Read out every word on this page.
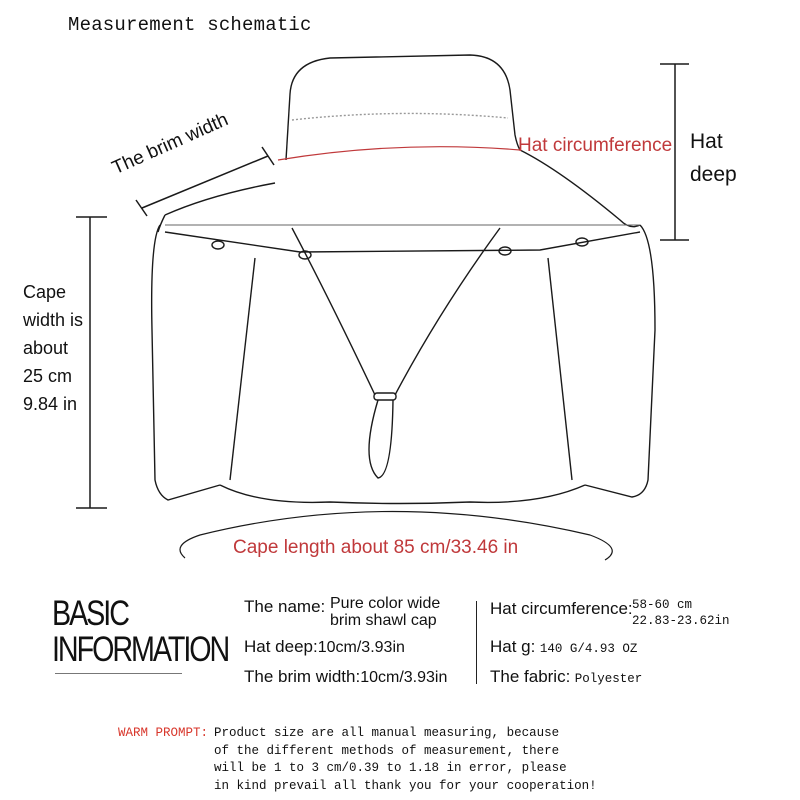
Measurement schematic
The brim width	Hat circumference Hat
deep
Cape
width is
about
25 cm
9.84 in
Cape length about 85 cm/33.46 in
BASIC
INFORMATION
The name: Pure color wide
brim shawl cap
Hat deep:10cm/3.93in
The brim width:10cm/3.93in
Hat circumference: 58-60 cm
22.83-23.62in
Hat g: 140 G/4.93 OZ
The fabric: Polyester
WARM PROMPT: Product size are all manual measuring, because
of the different methods of measurement, there
will be 1 to 3 cm/0.39 to 1.18 in error, please
in kind prevail all thank you for your cooperation!
